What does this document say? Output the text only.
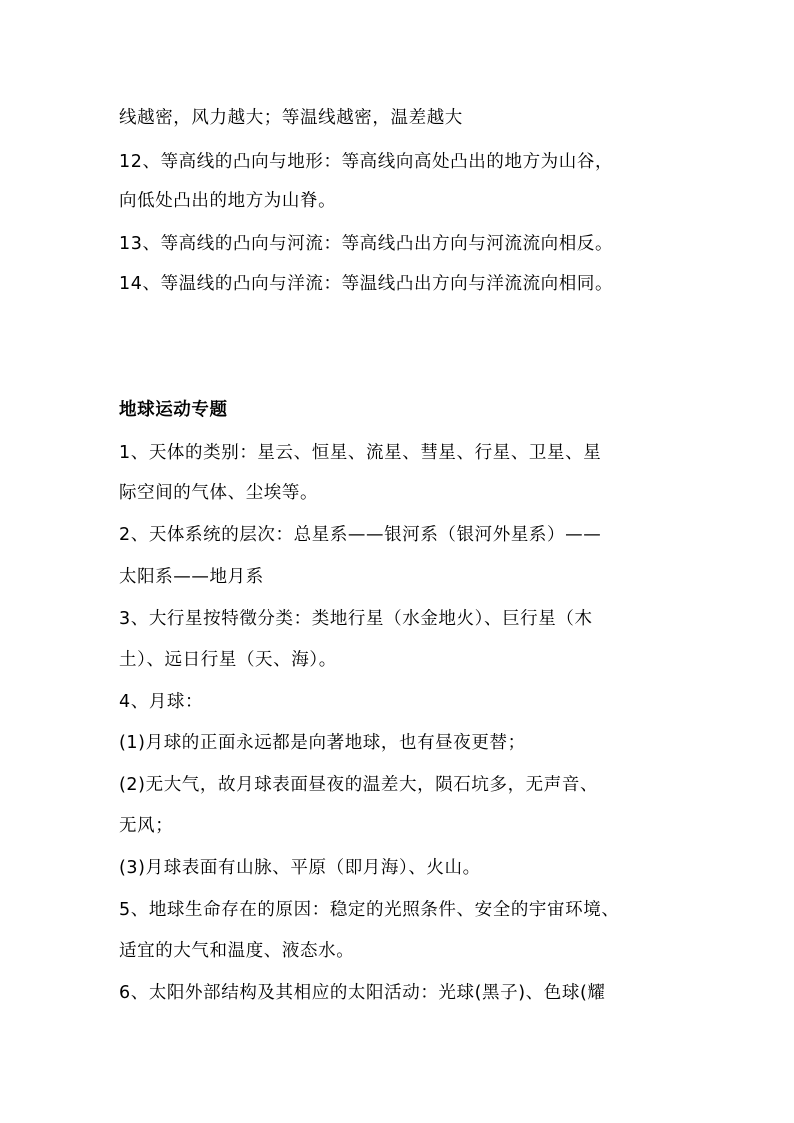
线越密，风力越大；等温线越密，温差越大
12、等高线的凸向与地形：等高线向高处凸出的地方为山谷，
向低处凸出的地方为山脊。
13、等高线的凸向与河流：等高线凸出方向与河流流向相反。
14、等温线的凸向与洋流：等温线凸出方向与洋流流向相同。
地球运动专题
1、天体的类别：星云、恒星、流星、彗星、行星、卫星、星
际空间的气体、尘埃等。
2、天体系统的层次：总星系——银河系（银河外星系）——
太阳系——地月系
3、大行星按特徵分类：类地行星（水金地火）、巨行星（木
土）、远日行星（天、海）。
4、月球：
(1)月球的正面永远都是向著地球，也有昼夜更替；
(2)无大气，故月球表面昼夜的温差大，陨石坑多，无声音、
无风；
(3)月球表面有山脉、平原（即月海）、火山。
5、地球生命存在的原因：稳定的光照条件、安全的宇宙环境、
适宜的大气和温度、液态水。
6、太阳外部结构及其相应的太阳活动：光球(黑子)、色球(耀
